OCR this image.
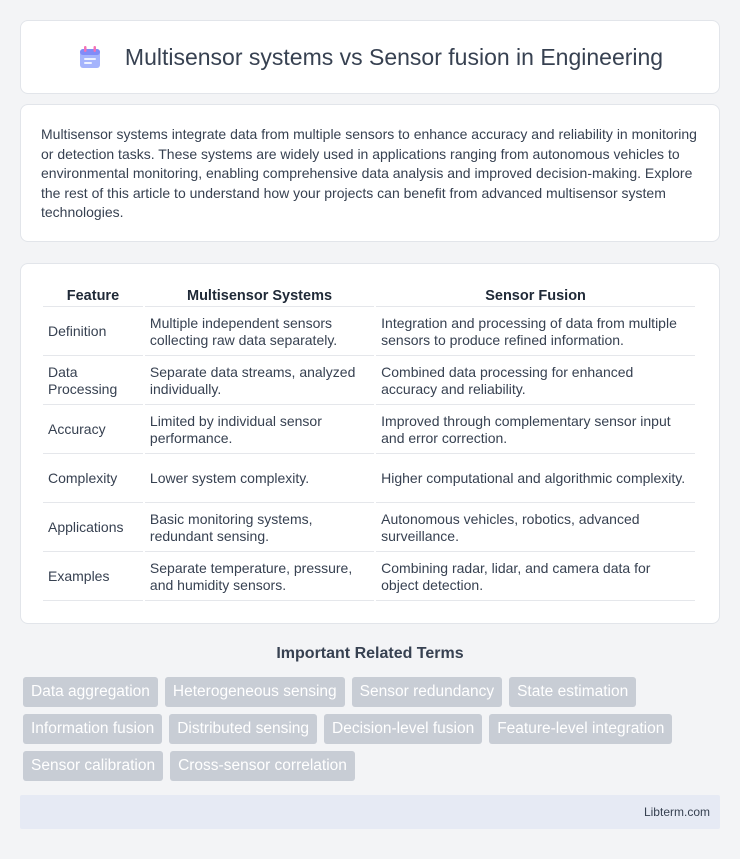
Multisensor systems vs Sensor fusion in Engineering

Multisensor systems integrate data from multiple sensors to enhance accuracy and reliability in monitoring or detection tasks. These systems are widely used in applications ranging from autonomous vehicles to environmental monitoring, enabling comprehensive data analysis and improved decision-making. Explore the rest of this article to understand how your projects can benefit from advanced multisensor system technologies.

Feature	Multisensor Systems	Sensor Fusion
Definition	Multiple independent sensors collecting raw data separately.	Integration and processing of data from multiple sensors to produce refined information.
Data Processing	Separate data streams, analyzed individually.	Combined data processing for enhanced accuracy and reliability.
Accuracy	Limited by individual sensor performance.	Improved through complementary sensor input and error correction.
Complexity	Lower system complexity.	Higher computational and algorithmic complexity.
Applications	Basic monitoring systems, redundant sensing.	Autonomous vehicles, robotics, advanced surveillance.
Examples	Separate temperature, pressure, and humidity sensors.	Combining radar, lidar, and camera data for object detection.
Important Related Terms
Data aggregation	Heterogeneous sensing	Sensor redundancy	State estimation
Information fusion	Distributed sensing	Decision-level fusion	Feature-level integration
Sensor calibration	Cross-sensor correlation
Libterm.com
